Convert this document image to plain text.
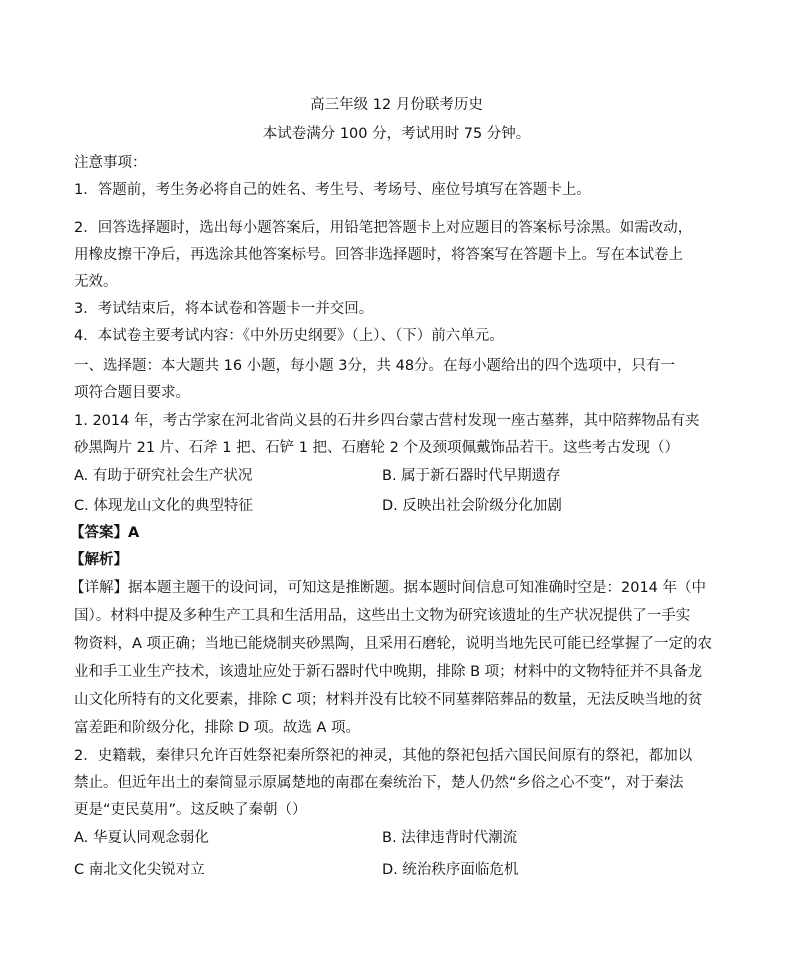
高三年级 12 月份联考历史
本试卷满分 100 分，考试用时 75 分钟。
注意事项：
1．答题前，考生务必将自己的姓名、考生号、考场号、座位号填写在答题卡上。
2．回答选择题时，选出每小题答案后，用铅笔把答题卡上对应题目的答案标号涂黑。如需改动，
用橡皮擦干净后，再选涂其他答案标号。回答非选择题时，将答案写在答题卡上。写在本试卷上
无效。
3．考试结束后，将本试卷和答题卡一并交回。
4．本试卷主要考试内容：《中外历史纲要》（上）、（下）前六单元。
一、选择题：本大题共 16 小题，每小题 3分，共 48分。在每小题给出的四个选项中，只有一
项符合题目要求。
1. 2014 年，考古学家在河北省尚义县的石井乡四台蒙古营村发现一座古墓葬，其中陪葬物品有夹
砂黑陶片 21 片、石斧 1 把、石铲 1 把、石磨轮 2 个及颈项佩戴饰品若干。这些考古发现（）
A. 有助于研究社会生产状况	B. 属于新石器时代早期遗存
C. 体现龙山文化的典型特征	D. 反映出社会阶级分化加剧
【答案】A
【解析】
【详解】据本题主题干的设问词，可知这是推断题。据本题时间信息可知准确时空是：2014 年（中
国）。材料中提及多种生产工具和生活用品，这些出土文物为研究该遗址的生产状况提供了一手实
物资料，A 项正确；当地已能烧制夹砂黑陶，且采用石磨轮，说明当地先民可能已经掌握了一定的农
业和手工业生产技术，该遗址应处于新石器时代中晚期，排除 B 项；材料中的文物特征并不具备龙
山文化所特有的文化要素，排除 C 项；材料并没有比较不同墓葬陪葬品的数量，无法反映当地的贫
富差距和阶级分化，排除 D 项。故选 A 项。
2．史籍载，秦律只允许百姓祭祀秦所祭祀的神灵，其他的祭祀包括六国民间原有的祭祀，都加以
禁止。但近年出土的秦简显示原属楚地的南郡在秦统治下，楚人仍然“乡俗之心不变”，对于秦法
更是“吏民莫用”。这反映了秦朝（）
A. 华夏认同观念弱化	B. 法律违背时代潮流
C 南北文化尖锐对立	D. 统治秩序面临危机
